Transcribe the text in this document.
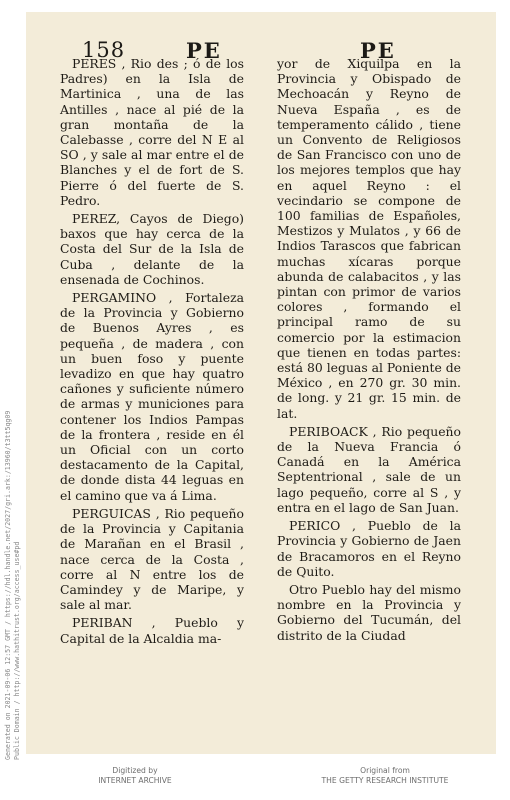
158	PE	PE

PERES , Rio des ; ó de los Padres) en la Isla de Martinica , una de las Antilles , nace al pié de la gran montaña de la Calebasse , corre del N E al SO , y sale al mar entre el de Blanches y el de fort de S. Pierre ó del fuerte de S. Pedro.

PEREZ, Cayos de Diego) baxos que hay cerca de la Costa del Sur de la Isla de Cuba , delante de la ensenada de Cochinos.

PERGAMINO , Fortaleza de la Provincia y Gobierno de Buenos Ayres , es pequeña , de madera , con un buen foso y puente levadizo en que hay quatro cañones y suficiente número de armas y municiones para contener los Indios Pampas de la frontera , reside en él un Oficial con un corto destacamento de la Capital, de donde dista 44 leguas en el camino que va á Lima.

PERGUICAS , Rio pequeño de la Provincia y Capitania de Marañan en el Brasil , nace cerca de la Costa , corre al N entre los de Camindey y de Maripe, y sale al mar.

PERIBAN , Pueblo y Capital de la Alcaldia ma-

yor de Xiquilpa en la Provincia y Obispado de Mechoacán y Reyno de Nueva España , es de temperamento cálido , tiene un Convento de Religiosos de San Francisco con uno de los mejores templos que hay en aquel Reyno : el vecindario se compone de 100 familias de Españoles, Mestizos y Mulatos , y 66 de Indios Tarascos que fabrican muchas xícaras porque abunda de calabacitos , y las pintan con primor de varios colores , formando el principal ramo de su comercio por la estimacion que tienen en todas partes: está 80 leguas al Poniente de México , en 270 gr. 30 min. de long. y 21 gr. 15 min. de lat.

PERIBOACK , Rio pequeño de la Nueva Francia ó Canadá en la América Septentrional , sale de un lago pequeño, corre al S , y entra en el lago de San Juan.

PERICO , Pueblo de la Provincia y Gobierno de Jaen de Bracamoros en el Reyno de Quito.

Otro Pueblo hay del mismo nombre en la Provincia y Gobierno del Tucumán, del distrito de la Ciudad

Digitized by
INTERNET ARCHIVE
Original from
THE GETTY RESEARCH INSTITUTE
Generated on 2021-09-06 12:57 GMT / https://hdl.handle.net/2027/gri.ark:/13960/t3tt5qg09 Public Domain / http://www.hathitrust.org/access_use#pd
